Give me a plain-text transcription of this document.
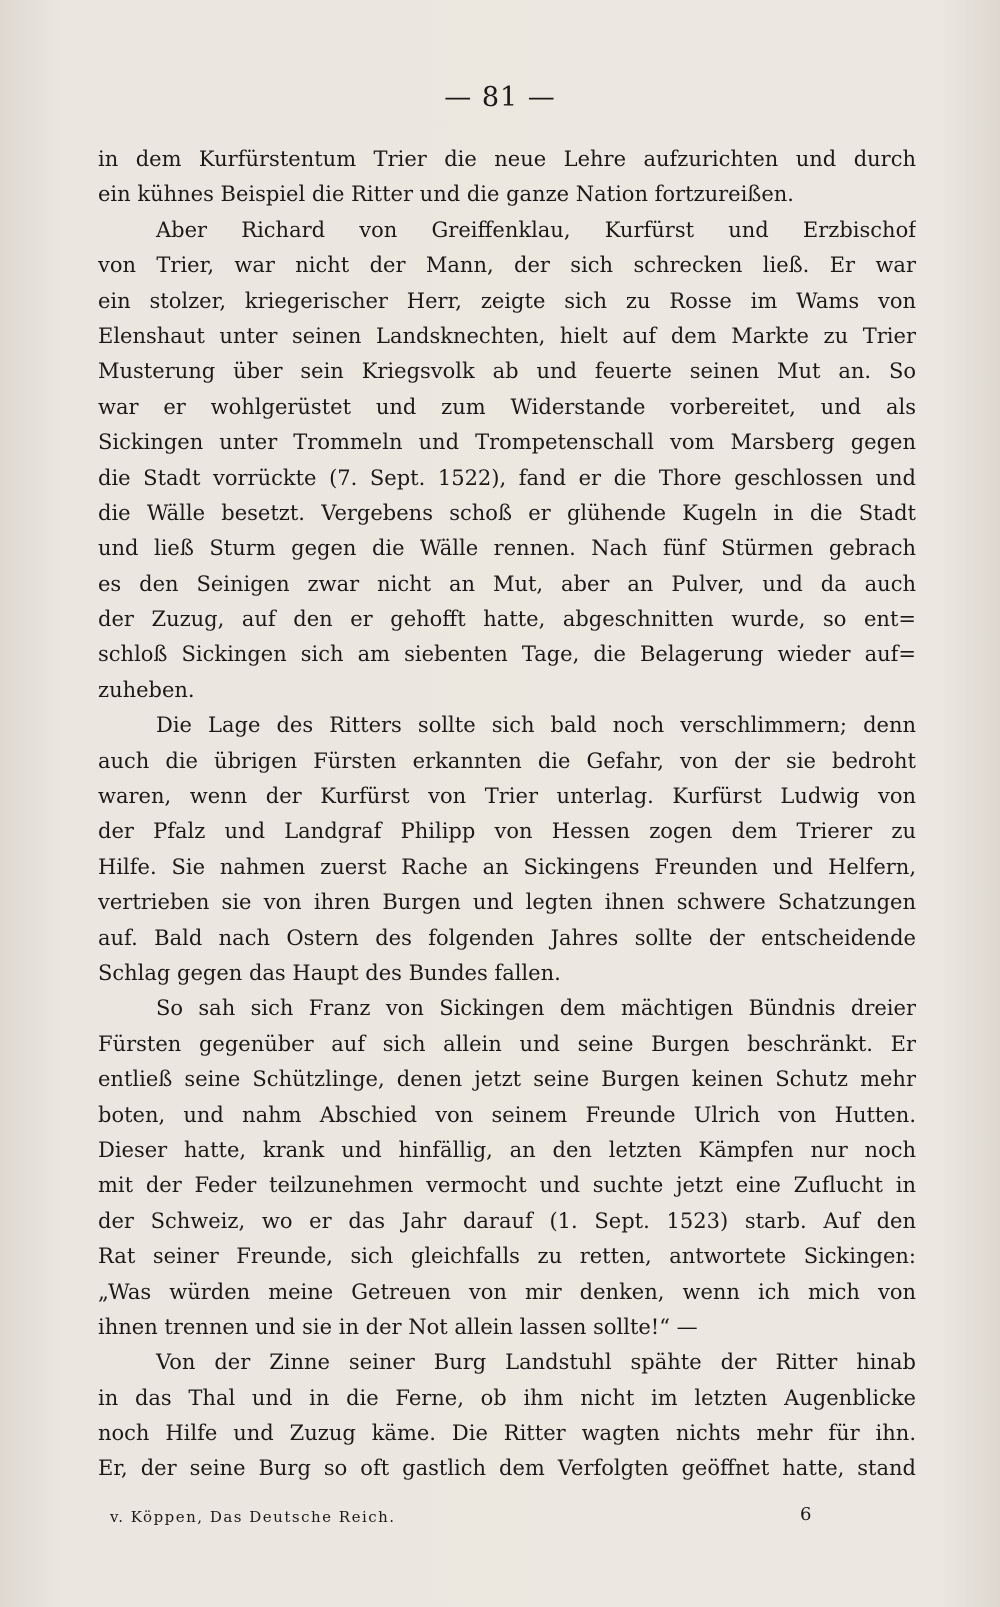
— 81 —
in dem Kurfürstentum Trier die neue Lehre aufzurichten und durch
ein kühnes Beispiel die Ritter und die ganze Nation fortzureißen.
Aber Richard von Greiffenklau, Kurfürst und Erzbischof
von Trier, war nicht der Mann, der sich schrecken ließ. Er war
ein stolzer, kriegerischer Herr, zeigte sich zu Rosse im Wams von
Elenshaut unter seinen Landsknechten, hielt auf dem Markte zu Trier
Musterung über sein Kriegsvolk ab und feuerte seinen Mut an. So
war er wohlgerüstet und zum Widerstande vorbereitet, und als
Sickingen unter Trommeln und Trompetenschall vom Marsberg gegen
die Stadt vorrückte (7. Sept. 1522), fand er die Thore geschlossen und
die Wälle besetzt. Vergebens schoß er glühende Kugeln in die Stadt
und ließ Sturm gegen die Wälle rennen. Nach fünf Stürmen gebrach
es den Seinigen zwar nicht an Mut, aber an Pulver, und da auch
der Zuzug, auf den er gehofft hatte, abgeschnitten wurde, so ent=
schloß Sickingen sich am siebenten Tage, die Belagerung wieder auf=
zuheben.
Die Lage des Ritters sollte sich bald noch verschlimmern; denn
auch die übrigen Fürsten erkannten die Gefahr, von der sie bedroht
waren, wenn der Kurfürst von Trier unterlag. Kurfürst Ludwig von
der Pfalz und Landgraf Philipp von Hessen zogen dem Trierer zu
Hilfe. Sie nahmen zuerst Rache an Sickingens Freunden und Helfern,
vertrieben sie von ihren Burgen und legten ihnen schwere Schatzungen
auf. Bald nach Ostern des folgenden Jahres sollte der entscheidende
Schlag gegen das Haupt des Bundes fallen.
So sah sich Franz von Sickingen dem mächtigen Bündnis dreier
Fürsten gegenüber auf sich allein und seine Burgen beschränkt. Er
entließ seine Schützlinge, denen jetzt seine Burgen keinen Schutz mehr
boten, und nahm Abschied von seinem Freunde Ulrich von Hutten.
Dieser hatte, krank und hinfällig, an den letzten Kämpfen nur noch
mit der Feder teilzunehmen vermocht und suchte jetzt eine Zuflucht in
der Schweiz, wo er das Jahr darauf (1. Sept. 1523) starb. Auf den
Rat seiner Freunde, sich gleichfalls zu retten, antwortete Sickingen:
„Was würden meine Getreuen von mir denken, wenn ich mich von
ihnen trennen und sie in der Not allein lassen sollte!“ —
Von der Zinne seiner Burg Landstuhl spähte der Ritter hinab
in das Thal und in die Ferne, ob ihm nicht im letzten Augenblicke
noch Hilfe und Zuzug käme. Die Ritter wagten nichts mehr für ihn.
Er, der seine Burg so oft gastlich dem Verfolgten geöffnet hatte, stand
v. Köppen, Das Deutsche Reich.	6
